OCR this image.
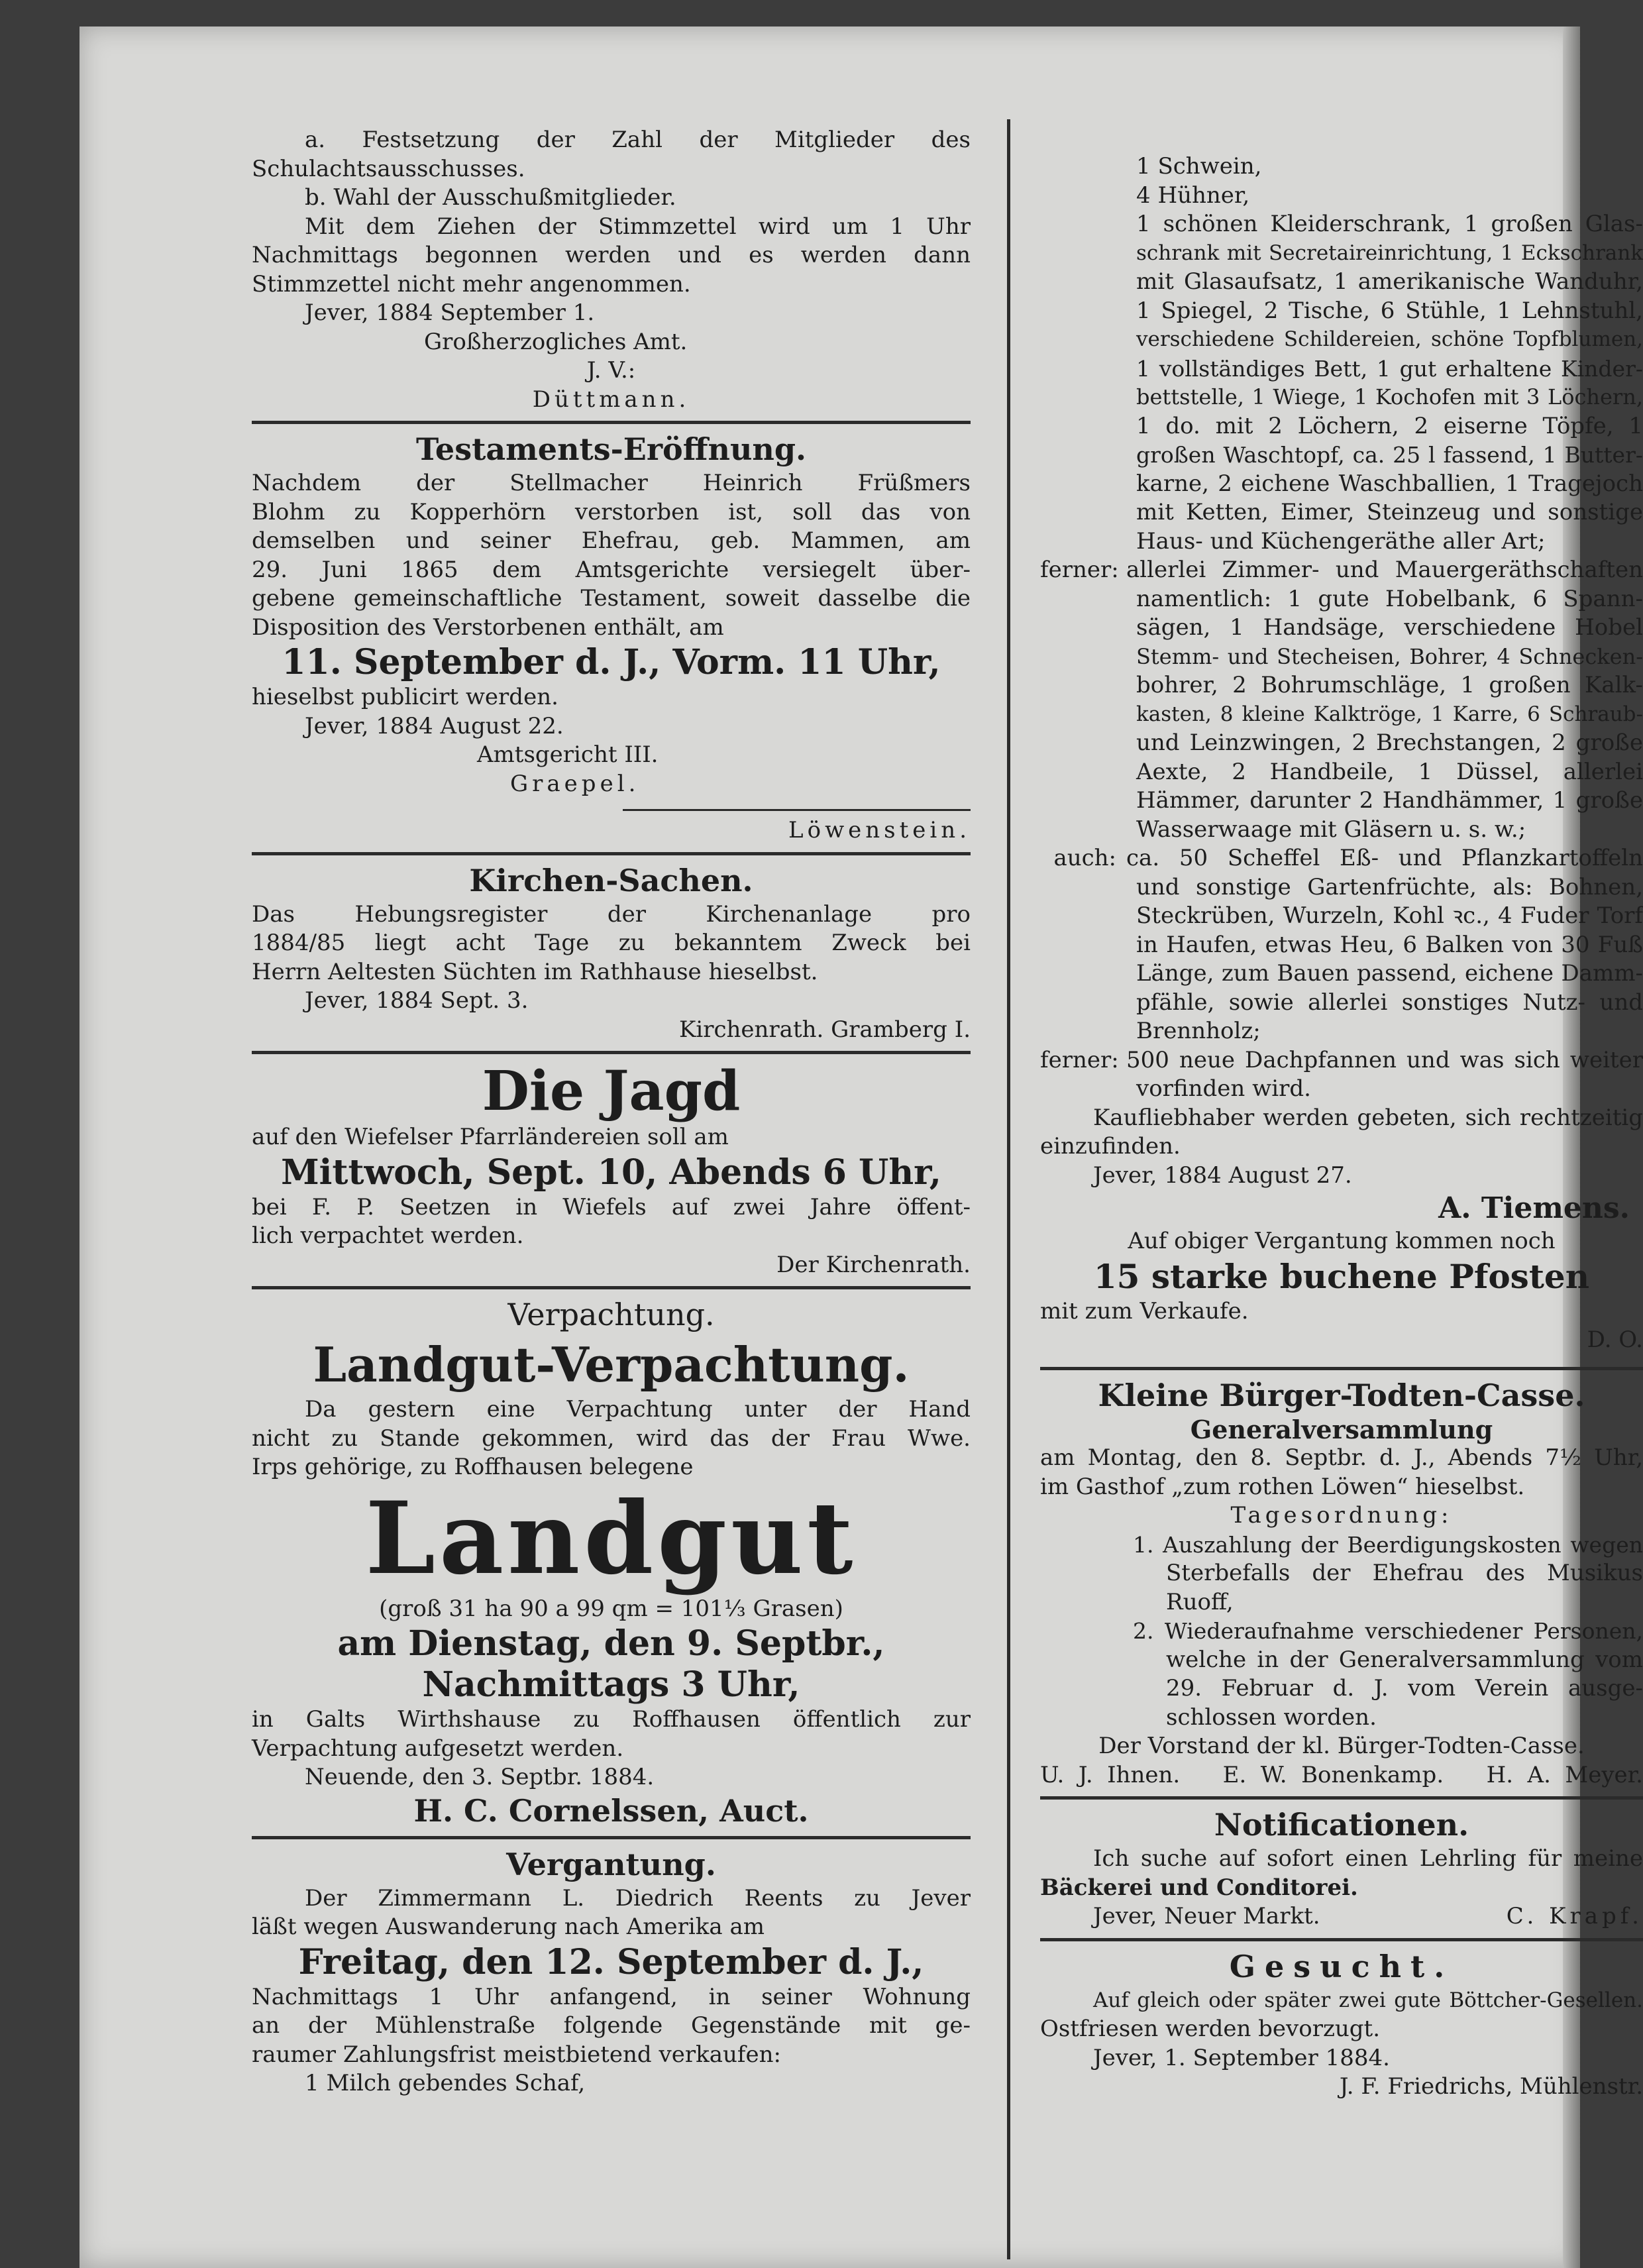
a. Festsetzung der Zahl der Mitglieder des
Schulachtsausschusses.
b. Wahl der Ausschußmitglieder.
Mit dem Ziehen der Stimmzettel wird um 1 Uhr
Nachmittags begonnen werden und es werden dann
Stimmzettel nicht mehr angenommen.
Jever, 1884 September 1.
Großherzogliches Amt.
J. V.:
Düttmann.
Testaments-Eröffnung.
Nachdem der Stellmacher Heinrich Früßmers
Blohm zu Kopperhörn verstorben ist, soll das von
demselben und seiner Ehefrau, geb. Mammen, am
29. Juni 1865 dem Amtsgerichte versiegelt über-
gebene gemeinschaftliche Testament, soweit dasselbe die
Disposition des Verstorbenen enthält, am
11. September d. J., Vorm. 11 Uhr,
hieselbst publicirt werden.
Jever, 1884 August 22.
Amtsgericht III.
Graepel.
Löwenstein.
Kirchen-Sachen.
Das Hebungsregister der Kirchenanlage pro
1884/85 liegt acht Tage zu bekanntem Zweck bei
Herrn Aeltesten Süchten im Rathhause hieselbst.
Jever, 1884 Sept. 3.
Kirchenrath. Gramberg I.
Die Jagd
auf den Wiefelser Pfarrländereien soll am
Mittwoch, Sept. 10, Abends 6 Uhr,
bei F. P. Seetzen in Wiefels auf zwei Jahre öffent-
lich verpachtet werden.
Der Kirchenrath.
Verpachtung.
Landgut-Verpachtung.
Da gestern eine Verpachtung unter der Hand
nicht zu Stande gekommen, wird das der Frau Wwe.
Irps gehörige, zu Roffhausen belegene
Landgut
(groß 31 ha 90 a 99 qm = 101⅓ Grasen)
am Dienstag, den 9. Septbr.,
Nachmittags 3 Uhr,
in Galts Wirthshause zu Roffhausen öffentlich zur
Verpachtung aufgesetzt werden.
Neuende, den 3. Septbr. 1884.
H. C. Cornelssen, Auct.
Vergantung.
Der Zimmermann L. Diedrich Reents zu Jever
läßt wegen Auswanderung nach Amerika am
Freitag, den 12. September d. J.,
Nachmittags 1 Uhr anfangend, in seiner Wohnung
an der Mühlenstraße folgende Gegenstände mit ge-
raumer Zahlungsfrist meistbietend verkaufen:
1 Milch gebendes Schaf,
1 Schwein,
4 Hühner,
1 schönen Kleiderschrank, 1 großen Glas-
schrank mit Secretaireinrichtung, 1 Eckschrank
mit Glasaufsatz, 1 amerikanische Wanduhr,
1 Spiegel, 2 Tische, 6 Stühle, 1 Lehnstuhl,
verschiedene Schildereien, schöne Topfblumen,
1 vollständiges Bett, 1 gut erhaltene Kinder-
bettstelle, 1 Wiege, 1 Kochofen mit 3 Löchern,
1 do. mit 2 Löchern, 2 eiserne Töpfe, 1
großen Waschtopf, ca. 25 l fassend, 1 Butter-
karne, 2 eichene Waschballien, 1 Tragejoch
mit Ketten, Eimer, Steinzeug und sonstige
Haus- und Küchengeräthe aller Art;
ferner: allerlei Zimmer- und Mauergeräthschaften
namentlich: 1 gute Hobelbank, 6 Spann-
sägen, 1 Handsäge, verschiedene Hobel
Stemm- und Stecheisen, Bohrer, 4 Schnecken-
bohrer, 2 Bohrumschläge, 1 großen Kalk-
kasten, 8 kleine Kalktröge, 1 Karre, 6 Schraub-
und Leinzwingen, 2 Brechstangen, 2 große
Aexte, 2 Handbeile, 1 Düssel, allerlei
Hämmer, darunter 2 Handhämmer, 1 große
Wasserwaage mit Gläsern u. s. w.;
auch: ca. 50 Scheffel Eß- und Pflanzkartoffeln
und sonstige Gartenfrüchte, als: Bohnen,
Steckrüben, Wurzeln, Kohl ꝛc., 4 Fuder Torf
in Haufen, etwas Heu, 6 Balken von 30 Fuß
Länge, zum Bauen passend, eichene Damm-
pfähle, sowie allerlei sonstiges Nutz- und
Brennholz;
ferner: 500 neue Dachpfannen und was sich weiter
vorfinden wird.
Kaufliebhaber werden gebeten, sich rechtzeitig
einzufinden.
Jever, 1884 August 27.
A. Tiemens.
Auf obiger Vergantung kommen noch
15 starke buchene Pfosten
mit zum Verkaufe.
D. O.
Kleine Bürger-Todten-Casse.
Generalversammlung
am Montag, den 8. Septbr. d. J., Abends 7½ Uhr,
im Gasthof „zum rothen Löwen“ hieselbst.
Tagesordnung:
1. Auszahlung der Beerdigungskosten wegen
Sterbefalls der Ehefrau des Musikus
Ruoff,
2. Wiederaufnahme verschiedener Personen,
welche in der Generalversammlung vom
29. Februar d. J. vom Verein ausge-
schlossen worden.
Der Vorstand der kl. Bürger-Todten-Casse.
U. J. Ihnen.   E. W. Bonenkamp.   H. A. Meyer.
Notificationen.
Ich suche auf sofort einen Lehrling für meine
Bäckerei und Conditorei.
Jever, Neuer Markt.	C. Krapf.
Gesucht.
Auf gleich oder später zwei gute Böttcher-Gesellen.
Ostfriesen werden bevorzugt.
Jever, 1. September 1884.
J. F. Friedrichs, Mühlenstr.
